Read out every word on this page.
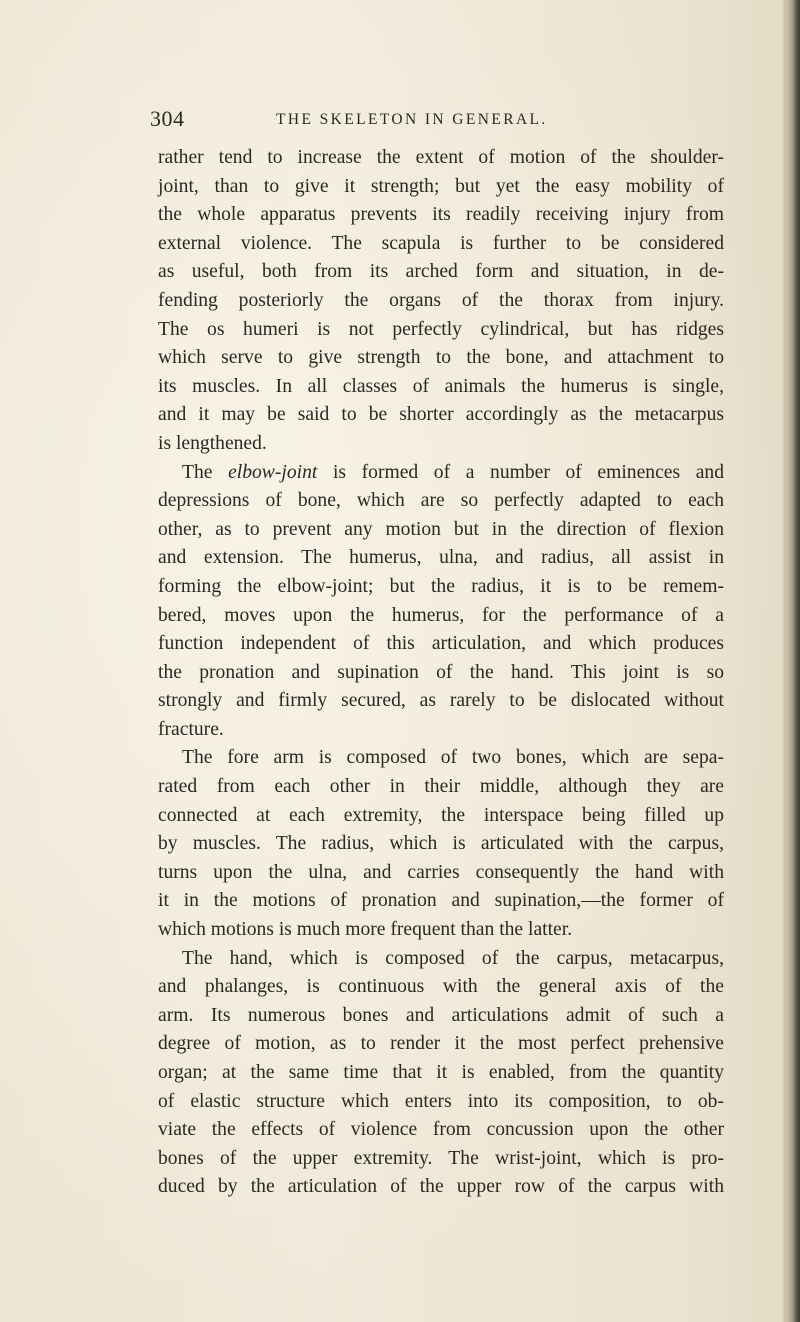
304	THE SKELETON IN GENERAL.
rather tend to increase the extent of motion of the shoulder-
joint, than to give it strength; but yet the easy mobility of
the whole apparatus prevents its readily receiving injury from
external violence. The scapula is further to be considered
as useful, both from its arched form and situation, in de-
fending posteriorly the organs of the thorax from injury.
The os humeri is not perfectly cylindrical, but has ridges
which serve to give strength to the bone, and attachment to
its muscles. In all classes of animals the humerus is single,
and it may be said to be shorter accordingly as the metacarpus
is lengthened.
The elbow-joint is formed of a number of eminences and
depressions of bone, which are so perfectly adapted to each
other, as to prevent any motion but in the direction of flexion
and extension. The humerus, ulna, and radius, all assist in
forming the elbow-joint; but the radius, it is to be remem-
bered, moves upon the humerus, for the performance of a
function independent of this articulation, and which produces
the pronation and supination of the hand. This joint is so
strongly and firmly secured, as rarely to be dislocated without
fracture.
The fore arm is composed of two bones, which are sepa-
rated from each other in their middle, although they are
connected at each extremity, the interspace being filled up
by muscles. The radius, which is articulated with the carpus,
turns upon the ulna, and carries consequently the hand with
it in the motions of pronation and supination,—the former of
which motions is much more frequent than the latter.
The hand, which is composed of the carpus, metacarpus,
and phalanges, is continuous with the general axis of the
arm. Its numerous bones and articulations admit of such a
degree of motion, as to render it the most perfect prehensive
organ; at the same time that it is enabled, from the quantity
of elastic structure which enters into its composition, to ob-
viate the effects of violence from concussion upon the other
bones of the upper extremity. The wrist-joint, which is pro-
duced by the articulation of the upper row of the carpus with
